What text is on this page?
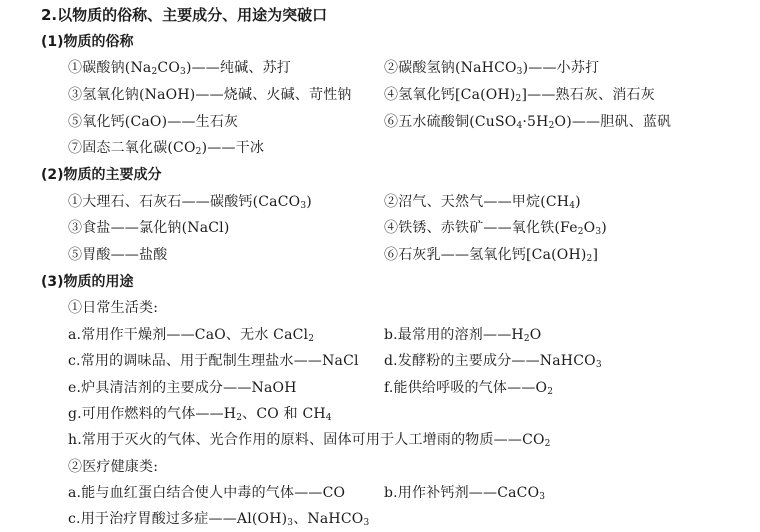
2.以物质的俗称、主要成分、用途为突破口
(1)物质的俗称
①碳酸钠$(Na_2CO_3)——$纯碱、苏打	②碳酸氢钠(NaHCO$_3$)——小苏打
③氢氧化钠(NaOH)——烧碱、火碱、苛性钠 ④氢氧化钙$[Ca(OH)_2]——$熟石灰、消石灰
⑤氧化钙(CaO)——生石灰	⑥五水硫酸铜$(CuSO_4\cdot 5H_2O)——$胆矾、蓝矾
⑦固态二氧化碳$(CO_2)——$干冰
(2)物质的主要成分
①大理石、石灰石——碳酸钙(CaCO$_3$)	②沼气、天然气——甲烷$(CH_4)$
③食盐——氯化钠(NaCl)	④铁锈、赤铁矿——氧化铁$(Fe_2O_3)$
⑤胃酸——盐酸	⑥石灰乳——氢氧化钙$[Ca(OH)_2]$
(3)物质的用途
①日常生活类:
a.常用作干燥剂——CaO、无水 CaCl$_2$	b.最常用的溶剂$——H_2O$
c.常用的调味品、用于配制生理盐水——NaCl d.发酵粉的主要成分——NaHCO$_3$
e.炉具清洁剂的主要成分——NaOH	f.能供给呼吸的气体$——O_2$
g.可用作燃料的气体$——H_2$、CO 和 $CH_4$
h.常用于灭火的气体、光合作用的原料、固体可用于人工增雨的物质$——CO_2$
②医疗健康类:
a.能与血红蛋白结合使人中毒的气体——CO	b.用作补钙剂——CaCO$_3$
c.用于治疗胃酸过多症$——Al(OH)_3$、NaHCO$_3$
